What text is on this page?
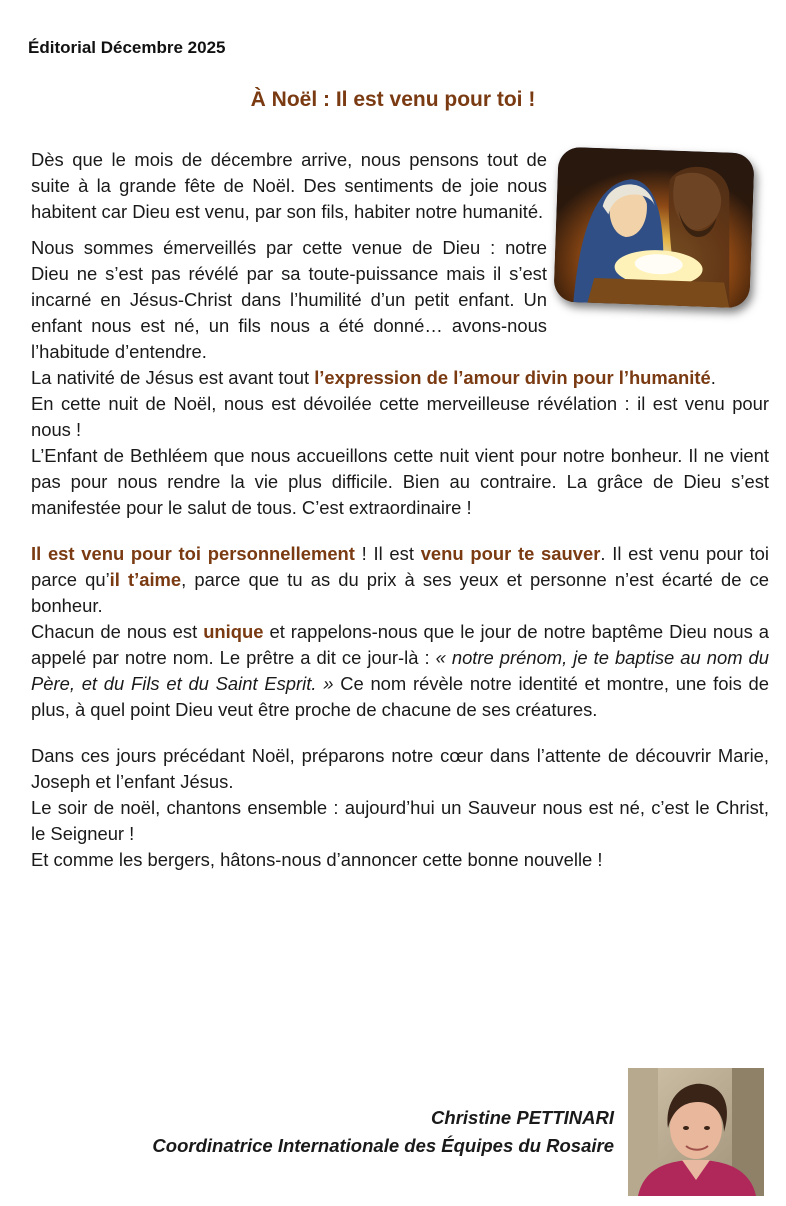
Éditorial Décembre 2025
À Noël : Il est venu pour toi !

Dès que le mois de décembre arrive, nous pensons tout de suite à la grande fête de Noël. Des sentiments de joie nous habitent car Dieu est venu, par son fils, habiter notre humanité.

Nous sommes émerveillés par cette venue de Dieu : notre Dieu ne s’est pas révélé par sa toute-puissance mais il s’est incarné en Jésus-Christ dans l’humilité d’un petit enfant. Un enfant nous est né, un fils nous a été donné… avons-nous l’habitude d’entendre.

La nativité de Jésus est avant tout l’expression de l’amour divin pour l’humanité.

En cette nuit de Noël, nous est dévoilée cette merveilleuse révélation : il est venu pour nous !

L’Enfant de Bethléem que nous accueillons cette nuit vient pour notre bonheur. Il ne vient pas pour nous rendre la vie plus difficile. Bien au contraire. La grâce de Dieu s’est manifestée pour le salut de tous. C’est extraordinaire !

Il est venu pour toi personnellement ! Il est venu pour te sauver. Il est venu pour toi parce qu’il t’aime, parce que tu as du prix à ses yeux et personne n’est écarté de ce bonheur.

Chacun de nous est unique et rappelons-nous que le jour de notre baptême Dieu nous a appelé par notre nom. Le prêtre a dit ce jour-là : « notre prénom, je te baptise au nom du Père, et du Fils et du Saint Esprit. » Ce nom révèle notre identité et montre, une fois de plus, à quel point Dieu veut être proche de chacune de ses créatures.

Dans ces jours précédant Noël, préparons notre cœur dans l’attente de découvrir Marie, Joseph et l’enfant Jésus.

Le soir de noël, chantons ensemble : aujourd’hui un Sauveur nous est né, c’est le Christ, le Seigneur !

Et comme les bergers, hâtons-nous d’annoncer cette bonne nouvelle !

Christine PETTINARI
Coordinatrice Internationale des Équipes du Rosaire
